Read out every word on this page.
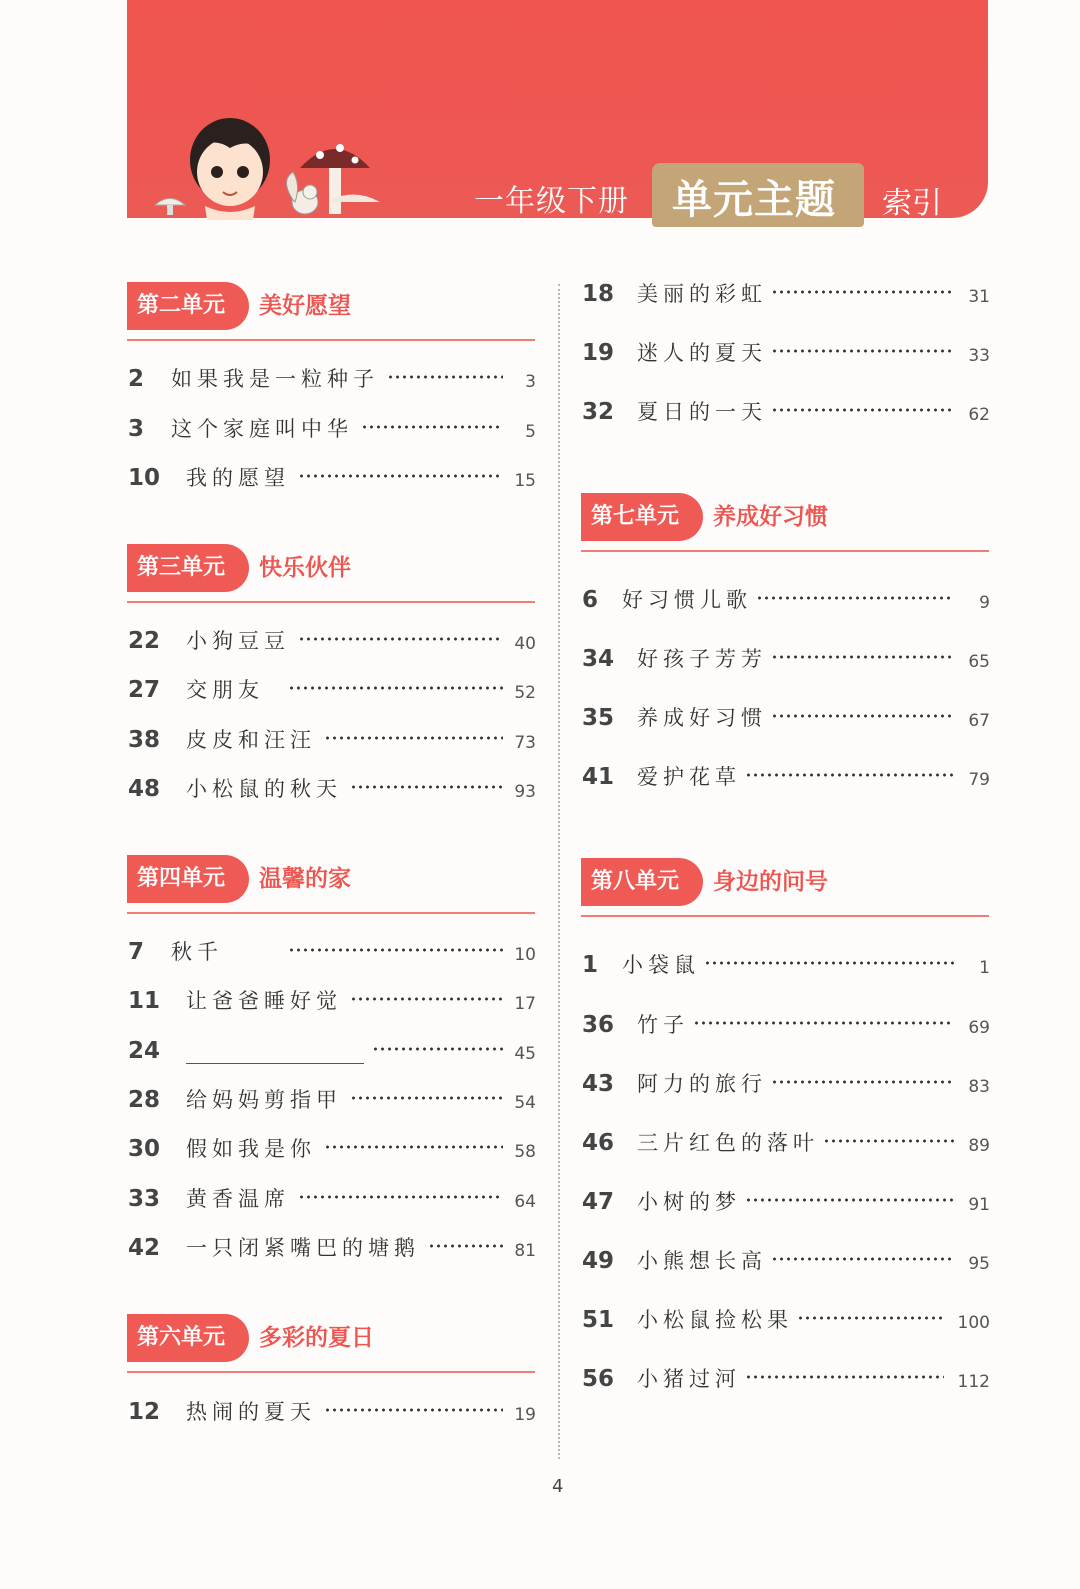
一年级下册 单元主题 索引
第二单元	美好愿望
2 如果我是一粒种子	3
3 这个家庭叫中华	5
10 我的愿望	15
第三单元	快乐伙伴
22 小狗豆豆	40
27 交朋友	52
38 皮皮和汪汪	73
48 小松鼠的秋天	93
第四单元	温馨的家
7 秋千	10
11 让爸爸睡好觉	17
24	45
28 给妈妈剪指甲	54
30 假如我是你	58
33 黄香温席	64
42 一只闭紧嘴巴的塘鹅	81
第六单元	多彩的夏日
12 热闹的夏天	19
18 美丽的彩虹	31
19 迷人的夏天	33
32 夏日的一天	62
第七单元	养成好习惯
6 好习惯儿歌	9
34 好孩子芳芳	65
35 养成好习惯	67
41 爱护花草	79
第八单元	身边的问号
1 小袋鼠	1
36 竹子	69
43 阿力的旅行	83
46 三片红色的落叶	89
47 小树的梦	91
49 小熊想长高	95
51 小松鼠捡松果	100
56 小猪过河	112
4
